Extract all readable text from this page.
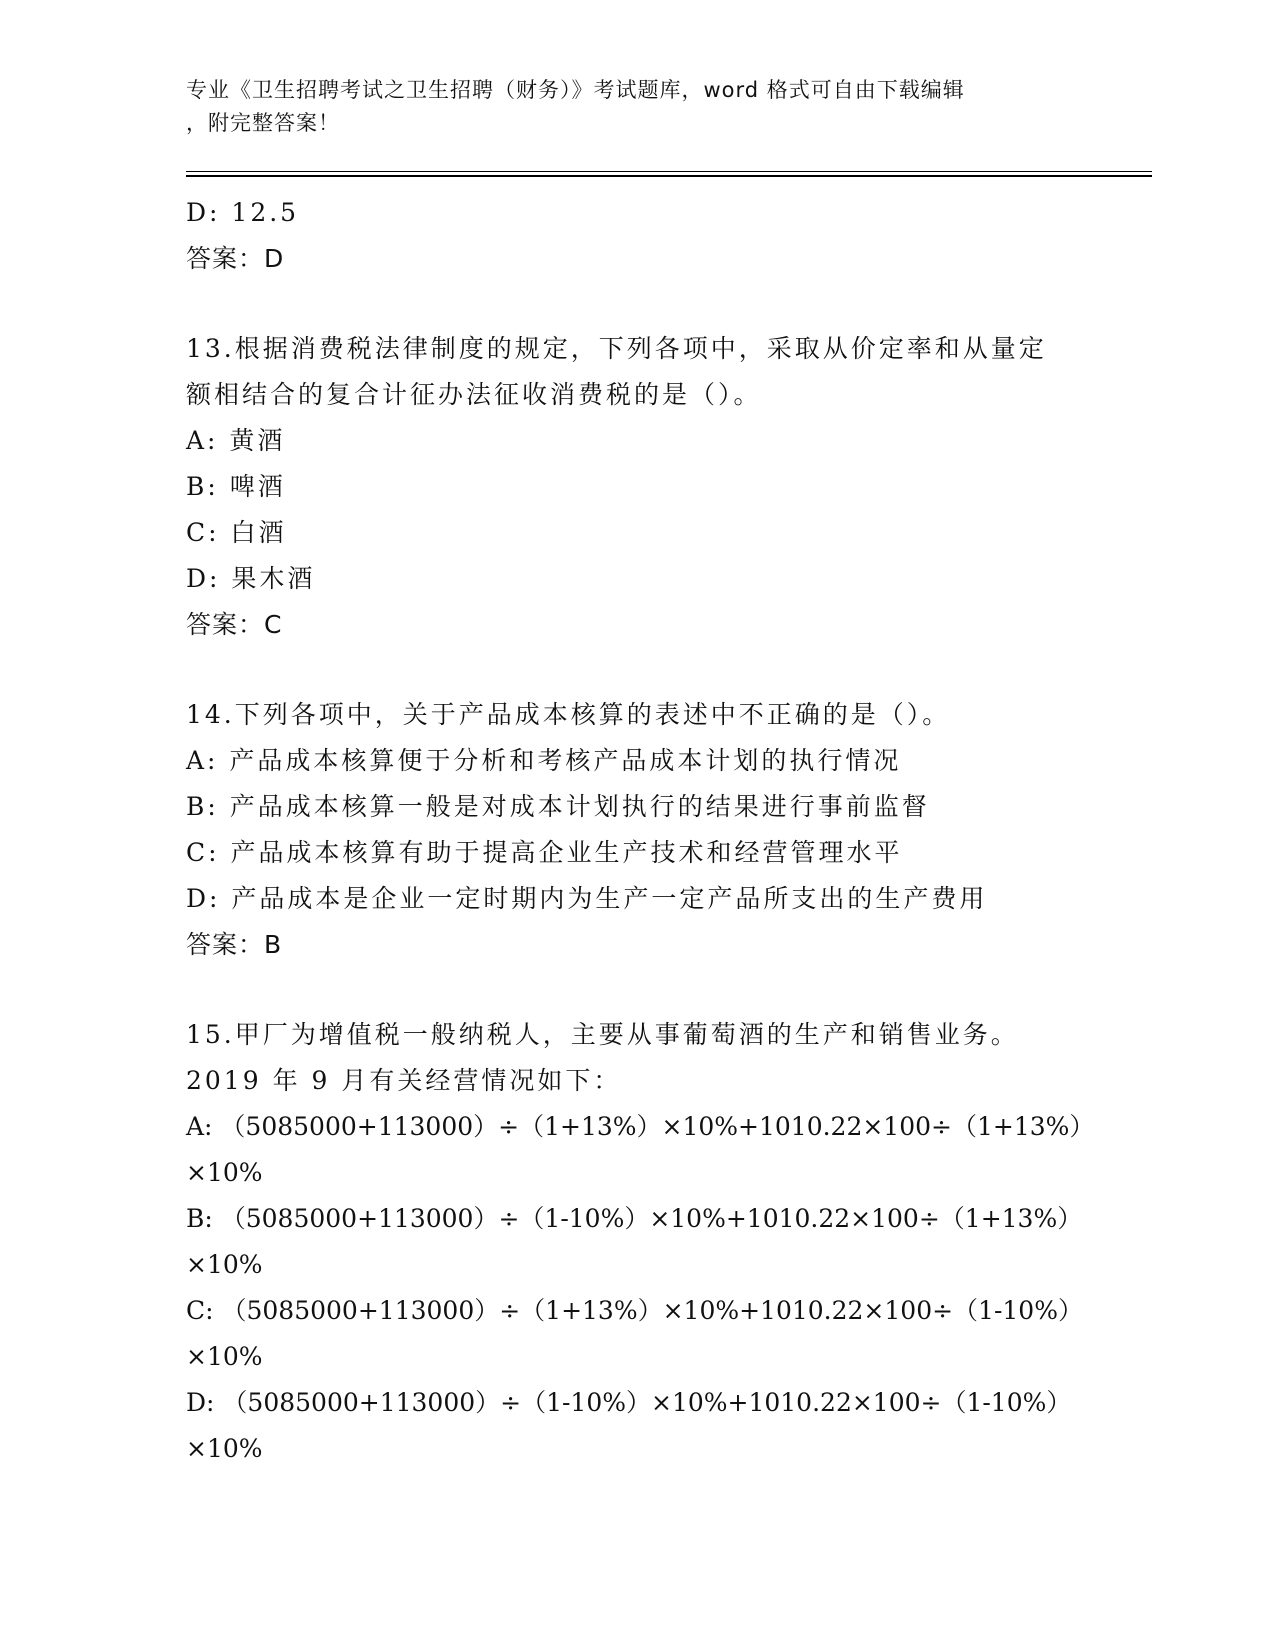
专业《卫生招聘考试之卫生招聘（财务）》考试题库，word 格式可自由下载编辑
，附完整答案！
D: 12.5
答案：D
13.根据消费税法律制度的规定，下列各项中，采取从价定率和从量定
额相结合的复合计征办法征收消费税的是（）。
A: 黄酒
B: 啤酒
C: 白酒
D: 果木酒
答案：C
14.下列各项中，关于产品成本核算的表述中不正确的是（）。
A: 产品成本核算便于分析和考核产品成本计划的执行情况
B: 产品成本核算一般是对成本计划执行的结果进行事前监督
C: 产品成本核算有助于提高企业生产技术和经营管理水平
D: 产品成本是企业一定时期内为生产一定产品所支出的生产费用
答案：B
15.甲厂为增值税一般纳税人，主要从事葡萄酒的生产和销售业务。
2019 年 9 月有关经营情况如下：
A: （5085000+113000）÷（1+13%）×10%+1010.22×100÷（1+13%）
×10%
B: （5085000+113000）÷（1-10%）×10%+1010.22×100÷（1+13%）
×10%
C: （5085000+113000）÷（1+13%）×10%+1010.22×100÷（1-10%）
×10%
D: （5085000+113000）÷（1-10%）×10%+1010.22×100÷（1-10%）
×10%
